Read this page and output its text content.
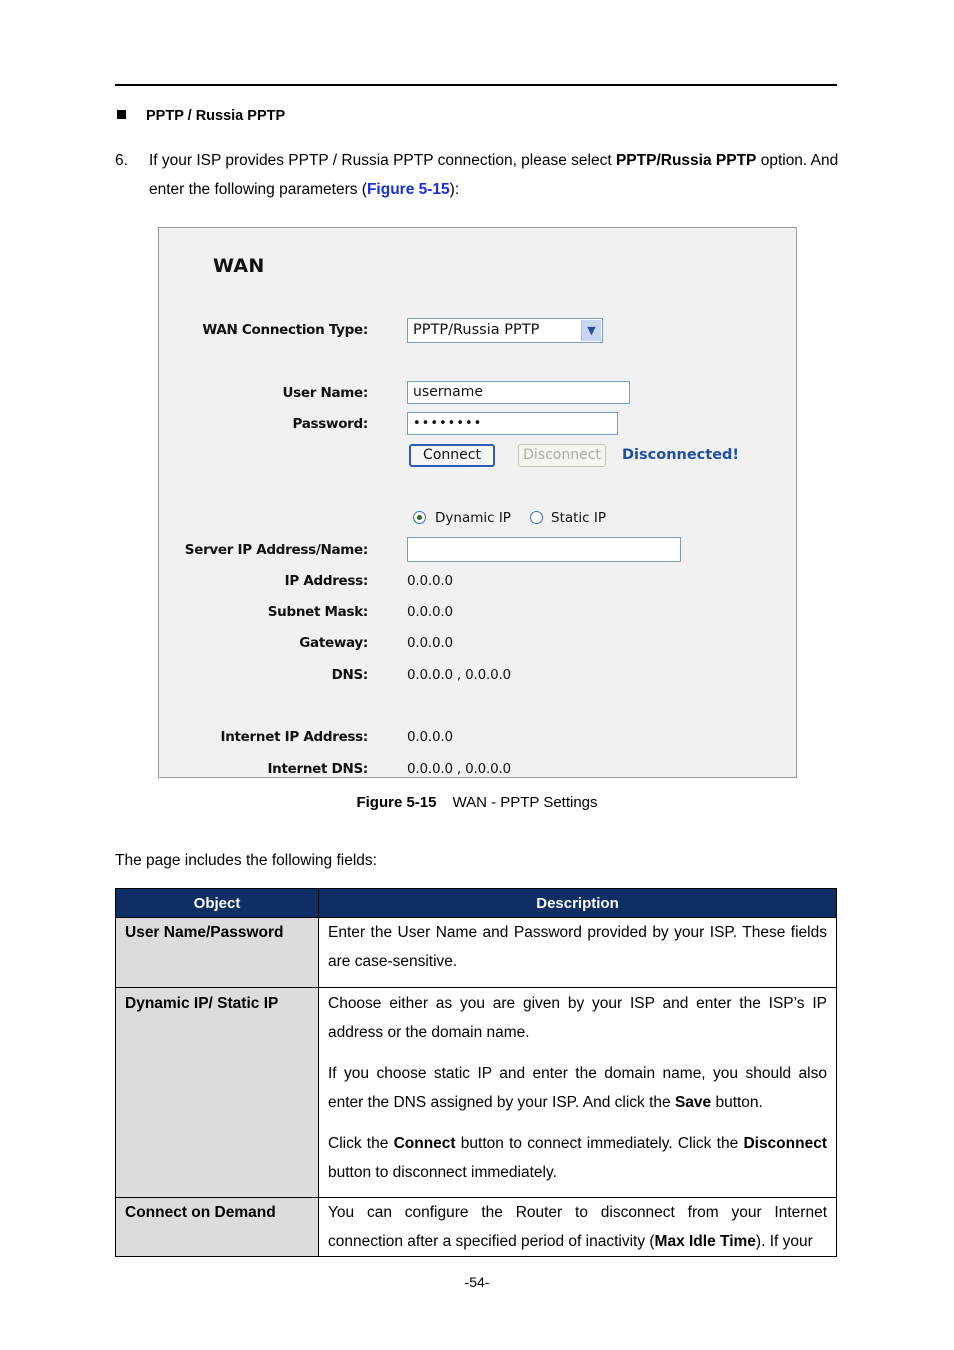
PPTP / Russia PPTP
6. If your ISP provides PPTP / Russia PPTP connection, please select PPTP/Russia PPTP option. And enter the following parameters (Figure 5-15):
WAN
WAN Connection Type:	PPTP/Russia PPTP	▼
User Name:	username
Password:	••••••••
Connect	Disconnect	Disconnected!
Dynamic IP	Static IP
Server IP Address/Name:
IP Address:	0.0.0.0
Subnet Mask:	0.0.0.0
Gateway:	0.0.0.0
DNS:	0.0.0.0 , 0.0.0.0
Internet IP Address:	0.0.0.0
Internet DNS:	0.0.0.0 , 0.0.0.0
Figure 5-15 WAN - PPTP Settings
The page includes the following fields:
Object	Description
User Name/Password	Enter the User Name and Password provided by your ISP. These fields are case-sensitive.
Dynamic IP/ Static IP	Choose either as you are given by your ISP and enter the ISP’s IP address or the domain name.

If you choose static IP and enter the domain name, you should also enter the DNS assigned by your ISP. And click the Save button.

Click the Connect button to connect immediately. Click the Disconnect button to disconnect immediately.

Connect on Demand	You can configure the Router to disconnect from your Internet connection after a specified period of inactivity (Max Idle Time). If your
-54-
